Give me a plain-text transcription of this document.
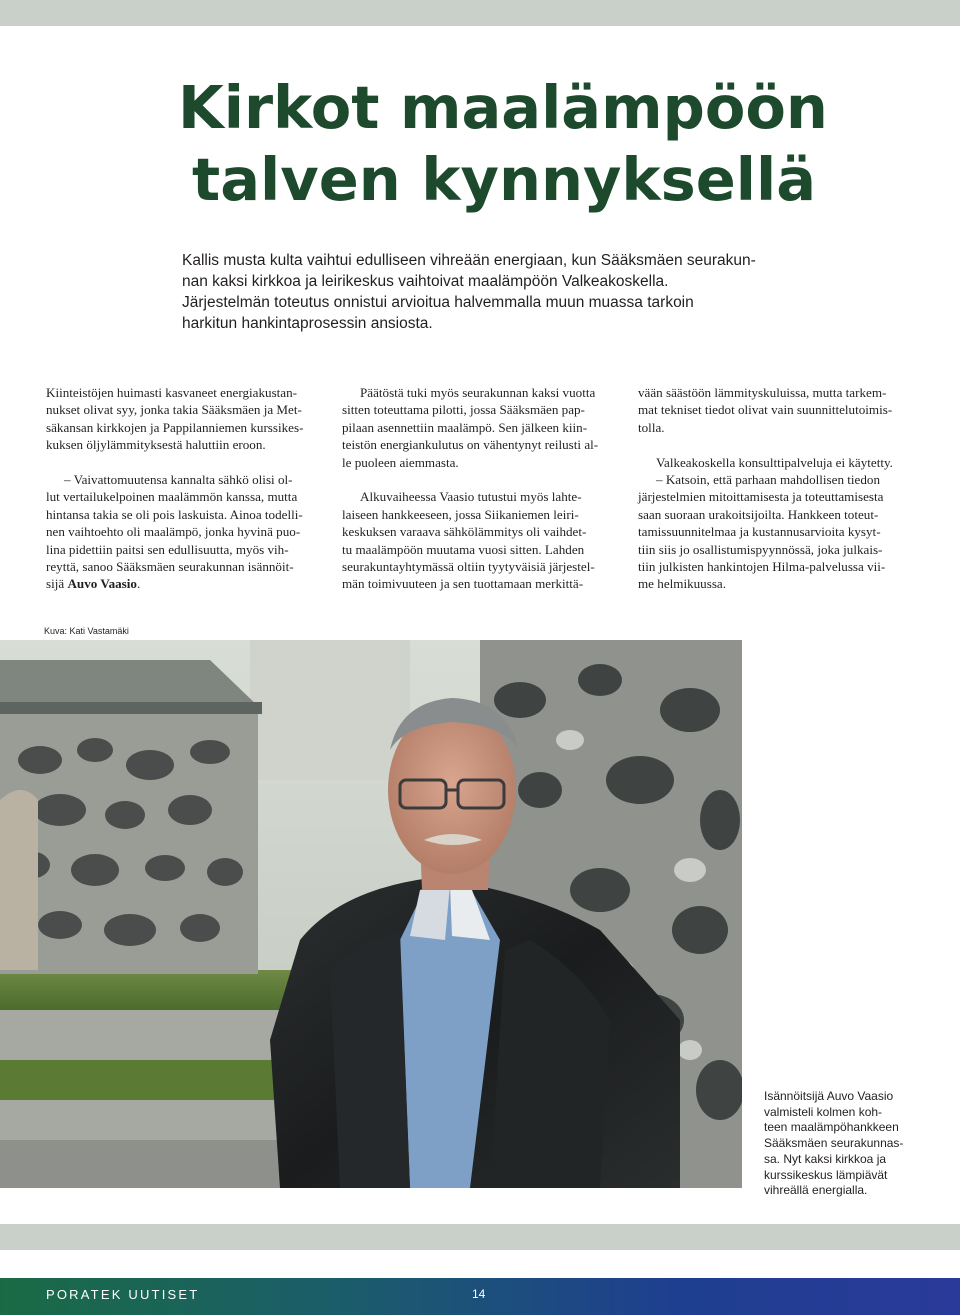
Kirkot maalämpöön
talven kynnyksellä
Kallis musta kulta vaihtui edulliseen vihreään energiaan, kun Sääksmäen seurakun-
nan kaksi kirkkoa ja leirikeskus vaihtoivat maalämpöön Valkeakoskella.
Järjestelmän toteutus onnistui arvioitua halvemmalla muun muassa tarkoin
harkitun hankintaprosessin ansiosta.

Kiinteistöjen huimasti kasvaneet energiakustan-

nukset olivat syy, jonka takia Sääksmäen ja Met-

säkansan kirkkojen ja Pappilanniemen kurssikes-

kuksen öljylämmityksestä haluttiin eroon.

– Vaivattomuutensa kannalta sähkö olisi ol-

lut vertailukelpoinen maalämmön kanssa, mutta

hintansa takia se oli pois laskuista. Ainoa todelli-

nen vaihtoehto oli maalämpö, jonka hyvinä puo-

lina pidettiin paitsi sen edullisuutta, myös vih-

reyttä, sanoo Sääksmäen seurakunnan isännöit-

sijä Auvo Vaasio.

Päätöstä tuki myös seurakunnan kaksi vuotta

sitten toteuttama pilotti, jossa Sääksmäen pap-

pilaan asennettiin maalämpö. Sen jälkeen kiin-

teistön energiankulutus on vähentynyt reilusti al-

le puoleen aiemmasta.

Alkuvaiheessa Vaasio tutustui myös lahte-

laiseen hankkeeseen, jossa Siikaniemen leiri-

keskuksen varaava sähkölämmitys oli vaihdet-

tu maalämpöön muutama vuosi sitten. Lahden

seurakuntayhtymässä oltiin tyytyväisiä järjestel-

män toimivuuteen ja sen tuottamaan merkittä-

vään säästöön lämmityskuluissa, mutta tarkem-

mat tekniset tiedot olivat vain suunnittelutoimis-

tolla.

Valkeakoskella konsulttipalveluja ei käytetty.

– Katsoin, että parhaan mahdollisen tiedon

järjestelmien mitoittamisesta ja toteuttamisesta

saan suoraan urakoitsijoilta. Hankkeen toteut-

tamissuunnitelmaa ja kustannusarvioita kysyt-

tiin siis jo osallistumispyynnössä, joka julkais-

tiin julkisten hankintojen Hilma-palvelussa vii-

me helmikuussa.

Kuva: Kati Vastamäki
Isännöitsijä Auvo Vaasio
valmisteli kolmen koh-
teen maalämpöhankkeen
Sääksmäen seurakunnas-
sa. Nyt kaksi kirkkoa ja
kurssikeskus lämpiävät
vihreällä energialla.
PORATEK UUTISET	14
